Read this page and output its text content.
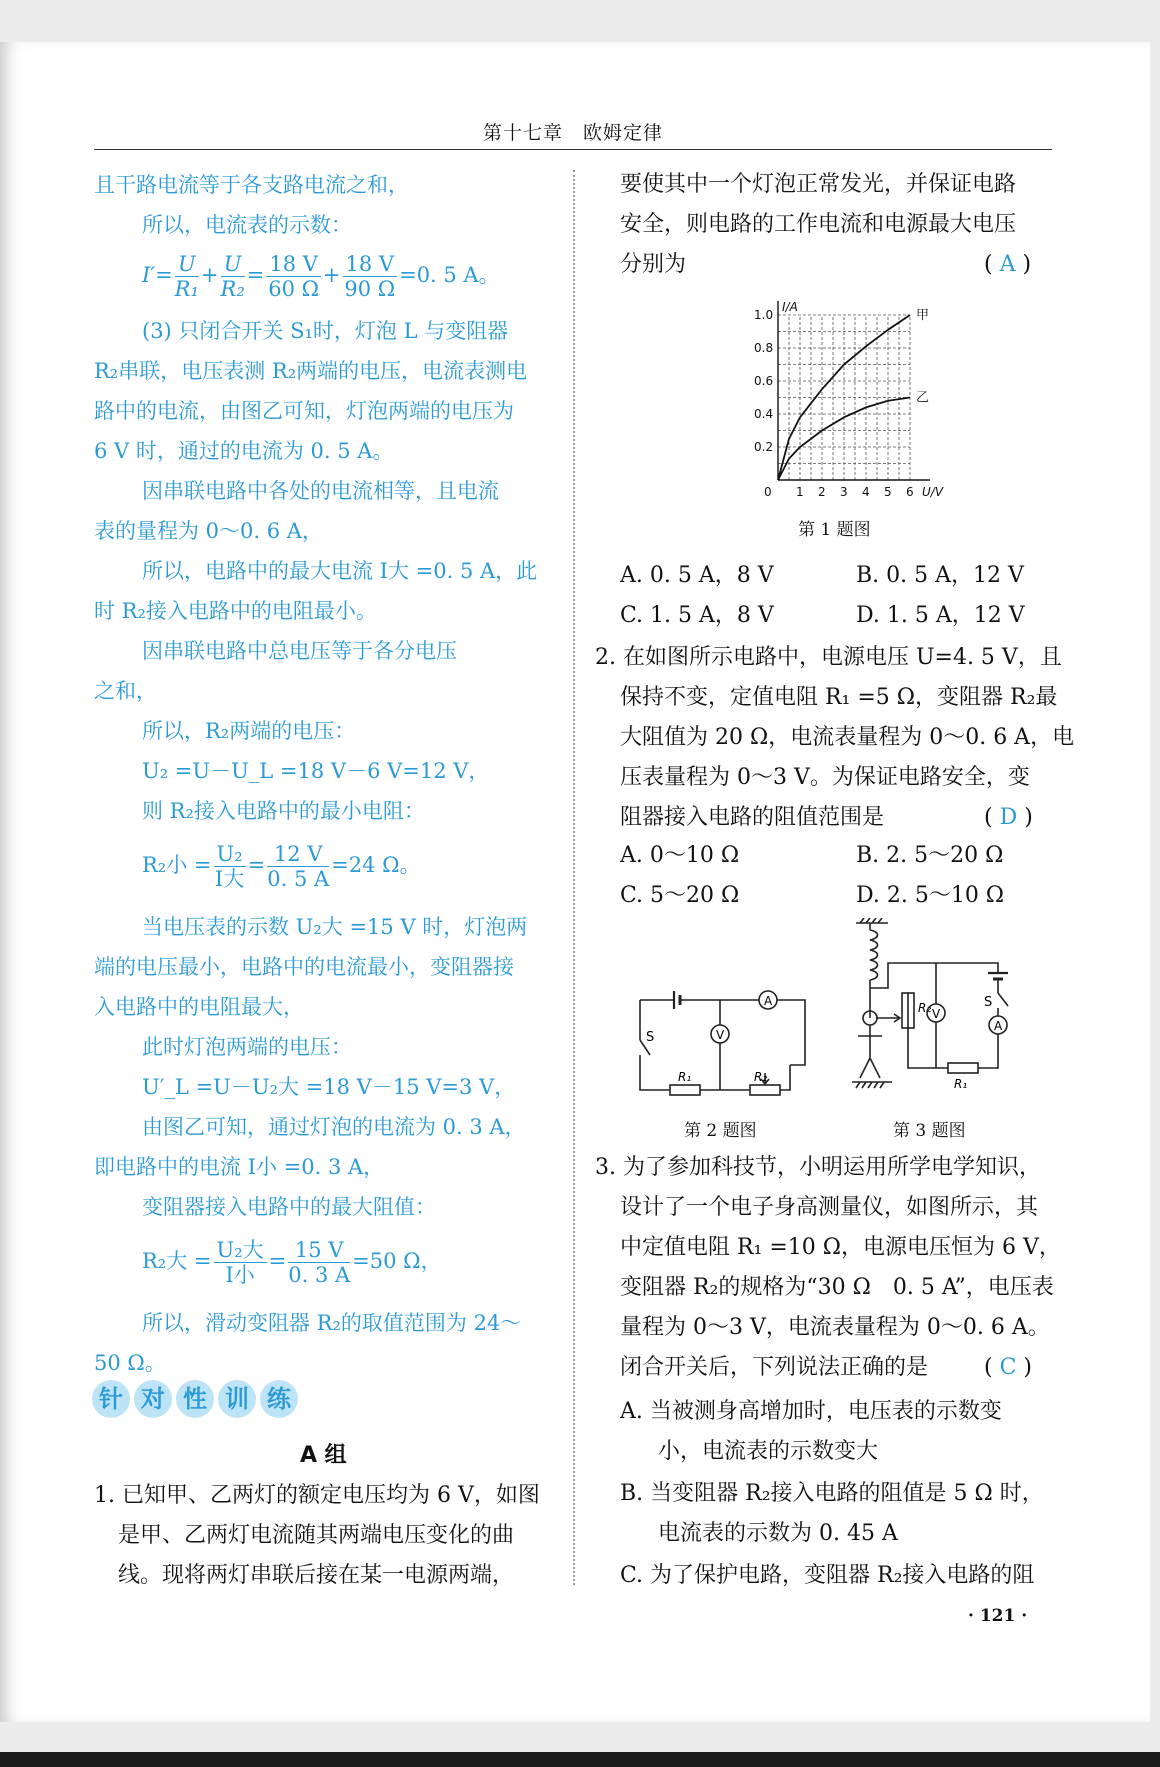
第十七章　欧姆定律
且干路电流等于各支路电流之和，
所以，电流表的示数：
$I'= \frac{U}{\text{R₁}} + \frac{U}{\text{R₂}} = \frac{18 V}{60 \Omega} + \frac{18 V}{90 \Omega} =0$. 5 A。
(3) 只闭合开关 S₁时，灯泡 L 与变阻器
R₂串联，电压表测 R₂两端的电压，电流表测电
路中的电流，由图乙可知，灯泡两端的电压为
6 V 时，通过的电流为 0. 5 A。
因串联电路中各处的电流相等，且电流
表的量程为 0～0. 6 A，
所以，电路中的最大电流 I大 =0. 5 A，此
时 R₂接入电路中的电阻最小。
因串联电路中总电压等于各分电压
之和，
所以，R₂两端的电压：
U₂ =U－U_L =18 V－6 V=12 V，
则 R₂接入电路中的最小电阻：
R₂小 = $\frac{\text{U₂}}{\text{I大}} = \frac{12 V}{0. 5 A} =24$ Ω。
当电压表的示数 U₂大 =15 V 时，灯泡两
端的电压最小，电路中的电流最小，变阻器接
入电路中的电阻最大，
此时灯泡两端的电压：
U′_L =U－U₂大 =18 V－15 V=3 V，
由图乙可知，通过灯泡的电流为 0. 3 A，
即电路中的电流 I小 =0. 3 A，
变阻器接入电路中的最大阻值：
R₂大 = $\frac{\text{U₂大}}{\text{I小}} = \frac{15 V}{0. 3 A} =50$ Ω，
所以，滑动变阻器 R₂的取值范围为 24～
50 Ω。
针 对 性 训 练
A 组
1. 已知甲、乙两灯的额定电压均为 6 V，如图
是甲、乙两灯电流随其两端电压变化的曲
线。现将两灯串联后接在某一电源两端，
要使其中一个灯泡正常发光，并保证电路
安全，则电路的工作电流和电源最大电压
分别为	( A )
0 1 2 3 4 5 6
0.2
0.4
0.6
0.8
1.0
U/V
I/A
甲
乙
第 1 题图
A. 0. 5 A，8 V	B. 0. 5 A，12 V
C. 1. 5 A，8 V	D. 1. 5 A，12 V
2. 在如图所示电路中，电源电压 U=4. 5 V，且
保持不变，定值电阻 R₁ =5 Ω，变阻器 R₂最
大阻值为 20 Ω，电流表量程为 0～0. 6 A，电
压表量程为 0～3 V。为保证电路安全，变
阻器接入电路的阻值范围是	( D )
A. 0～10 Ω	B. 2. 5～20 Ω
C. 5～20 Ω	D. 2. 5～10 Ω
A
V
S
R₁	R₂
V
A
S
R₂
R₁
第 2 题图	第 3 题图
3. 为了参加科技节，小明运用所学电学知识，
设计了一个电子身高测量仪，如图所示，其
中定值电阻 R₁ =10 Ω，电源电压恒为 6 V，
变阻器 R₂的规格为“30 Ω　0. 5 A”，电压表
量程为 0～3 V，电流表量程为 0～0. 6 A。
闭合开关后，下列说法正确的是	( C )
A. 当被测身高增加时，电压表的示数变
小，电流表的示数变大
B. 当变阻器 R₂接入电路的阻值是 5 Ω 时，
电流表的示数为 0. 45 A
C. 为了保护电路，变阻器 R₂接入电路的阻
· 121 ·
